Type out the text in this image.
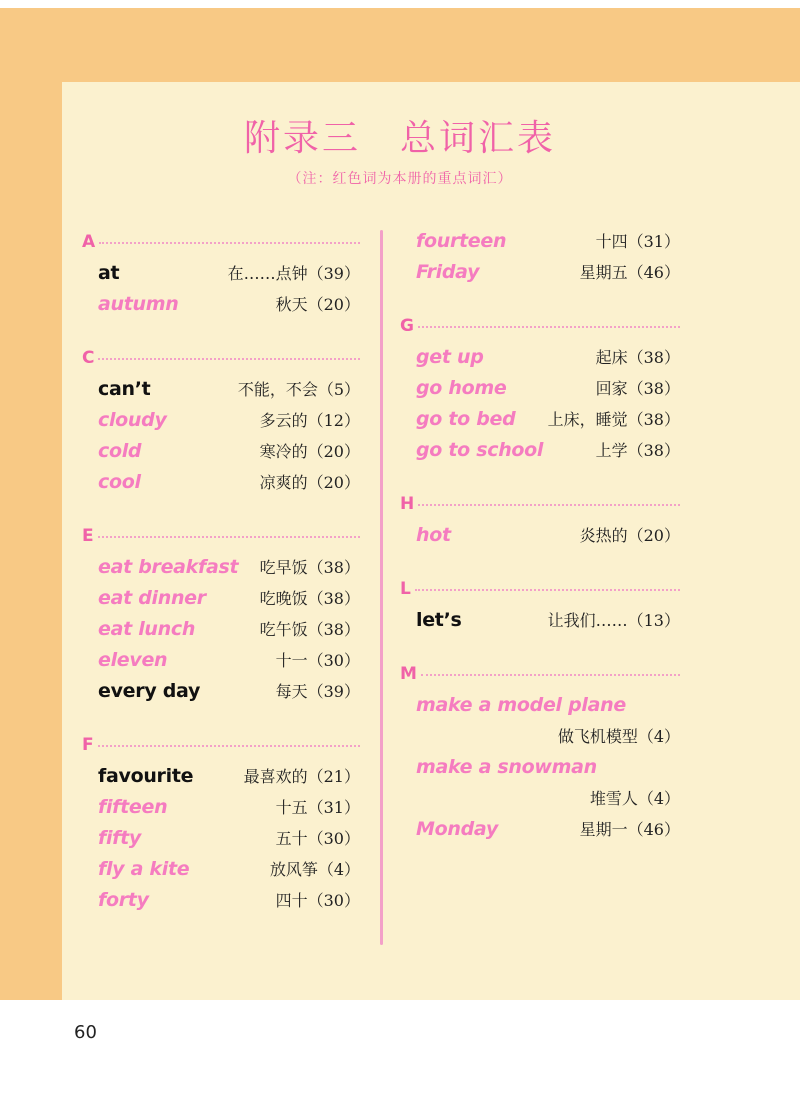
附录三　总词汇表
（注：红色词为本册的重点词汇）
A
at	在……点钟（39）
autumn	秋天（20）
C
can’t	不能，不会（5）
cloudy	多云的（12）
cold	寒冷的（20）
cool	凉爽的（20）
E
eat breakfast 吃早饭（38）
eat dinner	吃晚饭（38）
eat lunch	吃午饭（38）
eleven	十一（30）
every day	每天（39）
F
favourite	最喜欢的（21）
fifteen	十五（31）
fifty	五十（30）
fly a kite	放风筝（4）
forty	四十（30）
fourteen	十四（31）
Friday	星期五（46）
G
get up	起床（38）
go home	回家（38）
go to bed 上床，睡觉（38）
go to school	上学（38）
H
hot	炎热的（20）
L
let’s	让我们……（13）
M
make a model plane
做飞机模型（4）
make a snowman
堆雪人（4）
Monday	星期一（46）
60
